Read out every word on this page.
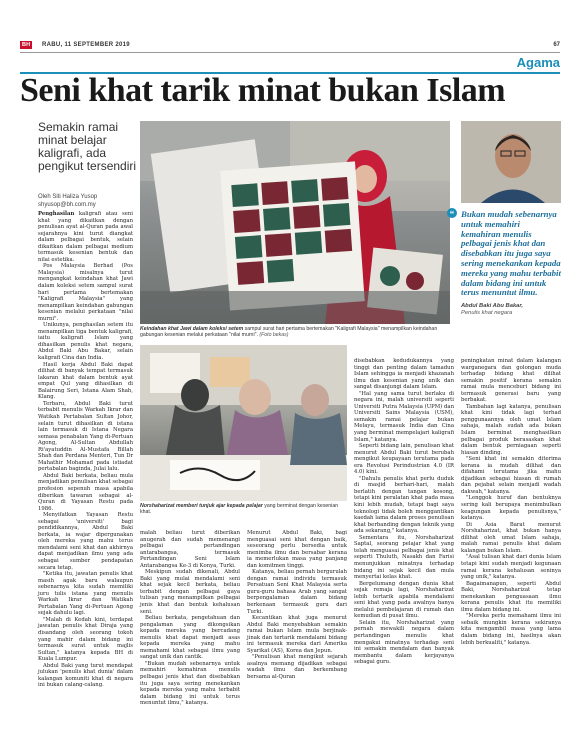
BH	RABU, 11 SEPTEMBER 2019	67
Agama
Seni khat tarik minat bukan Islam
Semakin ramai minat belajar kaligrafi, ada pengikut tersendiri
Oleh Siti Haliza Yusop
shyusop@bh.com.my

Penghasilan kaligrafi atau seni khat yang dikaitkan dengan penulisan ayat al-Quran pada awal sejarahnya kini turut diangkat dalam pelbagai bentuk, selain dikaitkan dalam pelbagai medium termasuk kesenian bentuk dan nilai estetika.

Pos Malaysia Berhad (Pos Malaysia) misalnya turut mengangkat keindahan khat Jawi dalam koleksi setem sampul surat hari pertama bertemakan "Kaligrafi Malaysia" yang menampilkan keindahan gabungan kesenian melalui perkataan "nilai murni".

Unikunya, penghasilan setem itu menampilkan tiga bentuk kaligrafi, iaitu kaligrafi Islam yang dihasilkan penulis khat negara, Abdul Baki Abu Bakar, selain kaligrafi Cina dan India.

Hasil kerja Abdul Baki dapat dilihat di banyak tempat termasuk lakaran khat dalam bentuk ayat empat Qul yang dihasilkan di Balairung Seri, Istana Alam Shah, Klang.

Terbaru, Abdul Baki turut terbabit menulis Warkah Ikrar dan Watikah Pertabalan Sultan Johor, selain turut dihasilkan di istana lain termasuk di Istana Negara semasa penabalan Yang di-Pertuan Agong, Al-Sultan Abdullah Ri'ayatuddin Al-Mustafa Billah Shah dan Perdana Menteri, Tun Dr Mahathir Mohamad pada istiadat pertabalan baginda, Julai lalu.

Abdul Baki berkata, beliau mula menjadikan penulisan khat sebagai profesion sepenuh masa apabila diberikan tawaran sebagai al-Quran di Yayasan Restu pada 1986.

Menyifatkan Yayasan Restu sebagai 'universiti' bagi pendidikannya, Abdul Baki berkata, ia wajar dipergunakan oleh mereka yang mahu terus mendalami seni khat dan akhirnya dapat menjadikan ilmu yang ada sebagai sumber pendapatan secara tetap.

"Ketika itu, jawatan penulis khat masih agak baru walaupun sebenarnya kita sudah memiliki juru tulis istana yang menulis Warkah Ikrar dan Watikah Pertabalan Yang di-Pertuan Agong sejak dahulu lagi.

"Malah di Kedah kini, terdapat jawatan penulis khat Diraja yang disandang oleh seorang tokoh yang mahir dalam bidang ini termasuk surat untuk majlis Sultan," katanya kepada BH di Kuala Lumpur.

Abdul Baki yang turut mendapat julukan 'penulis khat dunia' dalam kalangan komuniti khat di negara ini bukan calang-calang.

Keindahan khat Jawi dalam koleksi setem sampul surat hari pertama bertemakan "Kaligrafi Malaysia" menampilkan keindahan gabungan kesenian melalui perkataan "nilai murni". (Foto bekas)
Norshaharizat memberi tunjuk ajar kepada pelajar yang berminat dengan kesenian khat.
“ Bukan mudah sebenarnya untuk memahiri kemahiran menulis pelbagai jenis khat dan disebabkan itu juga saya sering menekankan kepada mereka yang mahu terbabit dalam bidang ini untuk terus menuntut ilmu.
Abdul Baki Abu Bakar,
Penulis khat negara

malah beliau turut diberikan anugerah dan sudah memenangi pelbagai pertandingan antarabangsa, termasuk Pertandingan Seni Islam Antarabangsa Ke-3 di Konya, Turki.

Meskipun sudah dikenali, Abdul Baki yang mulai mendalami seni khat sejak kecil berkata, beliau terbabit dengan pelbagai gaya tulisan yang menampilkan pelbagai jenis khat dan bentuk kehalusan seni.

Beliau berkata, pengetahuan dan pengalaman yang dikongsikan kepada mereka yang bercadang menulis khat dapat menjadi asas kepada mereka yang mahu memahami khat sebagai ilmu yang sangat unik dan cantik.

"Bukan mudah sebenarnya untuk memahiri kemahiran menulis pelbagai jenis khat dan disebabkan itu juga saya sering menekankan kepada mereka yang mahu terbabit dalam bidang ini untuk terus menuntut ilmu," katanya.

Menurut Abdul Baki, bagi menguasai seni khat dengan baik, seseorang perlu bersedia untuk menimba ilmu dan bersabar kerana ia memerlukan masa yang panjang dan komitmen tinggi.

Katanya, beliau pernah bergurulah dengan ramai individu termasuk Persatuan Seni Khat Malaysia serta guru-guru bahasa Arab yang sangat berpengalaman dalam bidang berkenaan termasuk guru dari Turki.

Kecantikan khat juga menurut Abdul Baki menyebabkan semakin ramai bukan Islam mula berjinak-jinak dan tertarik mendalami bidang ini termasuk mereka dari Amerika Syarikat (AS), Korea dan Jepun.

"Penulisan khat mengikut sejarah asalnya memang dijadikan sebagai wadah ilmu dan berkembang bersama al-Quran

disebabkan kedudukannya yang tinggi dan penting dalam tamadun Islam sehingga ia menjadi khazanah ilmu dan kesenian yang unik dan sangat disanjungi dalam Islam.

"Hal yang sama turut berlaku di negara ini, malah universiti seperti Universiti Putra Malaysia (UPM) dan Universiti Sains Malaysia (USM), semakin ramai pelajar bukan Melayu, termasuk India dan Cina yang berminat mempelajari kaligrafi Islam," katanya.

Seperti bidang lain, penulisan khat menurut Abdul Baki turut berubah mengikut keupayaan terutama pada era Revolusi Perindustrian 4.0 (IR 4.0) kini.

"Dahulu penulis khat perlu duduk di masjid berhari-hari, malah berlatih dengan tangan kosong, tetapi kini peralatan khat pada masa kini lebih mudah, tetapi bagi saya teknologi tidak boleh menggantikan kaedah lama dalam proses penulisan khat berbanding dengan teknik yang ada sekarang," katanya.

Sementara itu, Norshaharizat Saptal, seorang pelajar khat yang telah menguasai pelbagai jenis khat seperti Thuluth, Nasakh dan Farisi menunjukkan minatnya terhadap bidang ini sejak kecil dan mula menyertai kelas khat.

Bergelumang dengan dunia khat sejak remaja lagi, Norshaharizat lebih tertarik apabila mendalami seni khat yang pada awalnya hanya melalui pembelajaran di rumah dan kemudian di pusat ilmu.

Selain itu, Norshaharizat yang pernah mewakili negara dalam pertandingan menulis khat mengakui minatnya terhadap seni ini semakin mendalam dan banyak membantu dalam kerjayanya sebagai guru.

peningkatan minat dalam kalangan warganegara dan golongan muda terhadap bidang khat dilihat semakin positif kerana semakin ramai mula menceburi bidang ini termasuk generasi baru yang berbakat.

Tambahan lagi katanya, penulisan khat kini tidak lagi terhad penggunaannya oleh umat Islam sahaja, malah sudah ada bukan Islam berminat menghasilkan pelbagai produk berasaskan khat dalam bentuk perniagaan seperti hiasan dinding.

"Seni khat ini semakin diterima kerana ia mudah dilihat dan difahami terutama jika mahu dijadikan sebagai hiasan di rumah dan pejabat selain menjadi wadah dakwah," katanya.

"Lenggok huruf dan bentuknya sering kali berupaya menimbulkan keagungan kepada penulisnya," katanya.

Di Asia Barat menurut Norshaharizat, khat bukan hanya dilihat oleh umat Islam sahaja, malah ramai penulis khat dalam kalangan bukan Islam.

"Asal tulisan khat dari dunia Islam tetapi kini sudah menjadi kegunaan ramai kerana kehalusan seninya yang unik," katanya.

Bagaimanapun, seperti Abdul Baki, Norshaharizat tetap menekankan penguasaan ilmu kerana penulis khat itu memiliki ilmu dalam bidang ini.

"Mereka perlu memahami ilmu ini sebaik mungkin kerana sekiranya kita mengambil masa yang lama dalam bidang ini, hasilnya akan lebih berkualiti," katanya.
